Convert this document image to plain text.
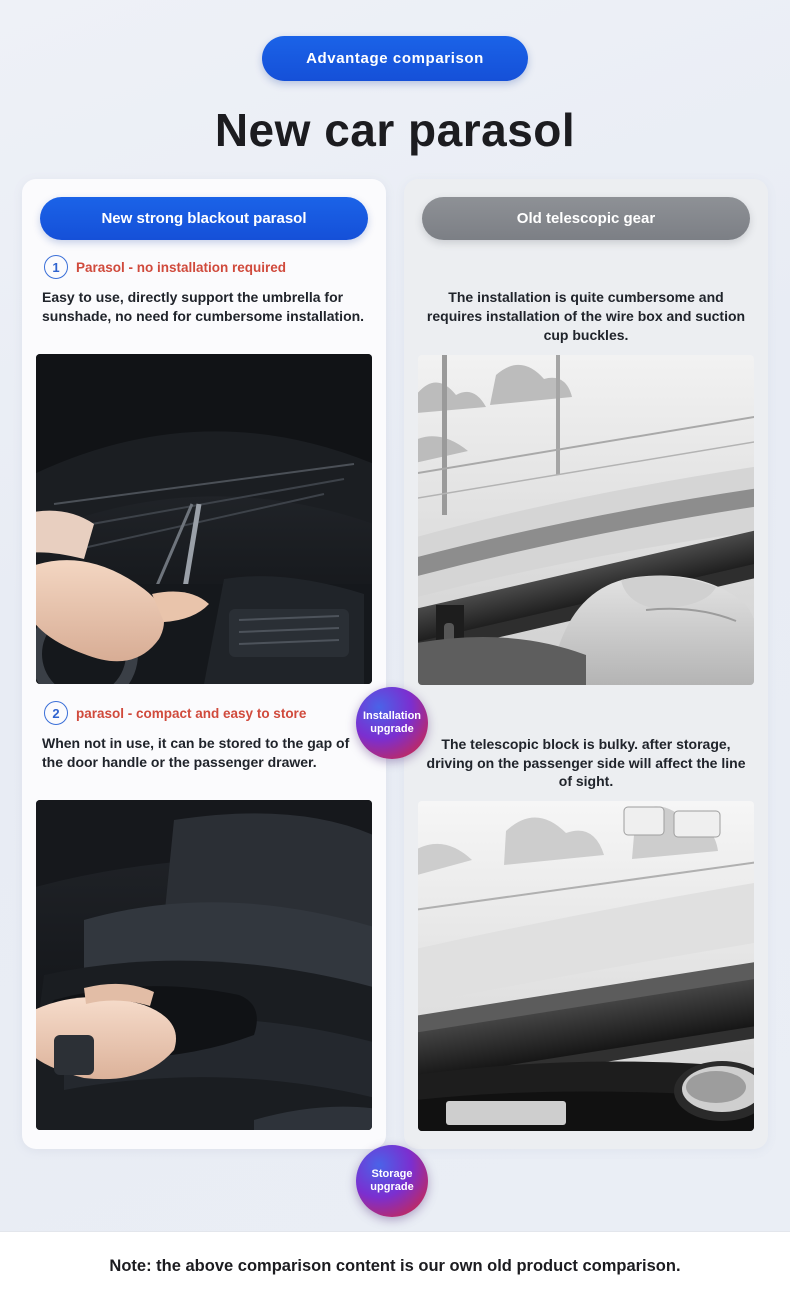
Advantage comparison
New car parasol
New strong blackout parasol
1	Parasol - no installation required
Easy to use, directly support the umbrella for sunshade, no need for cumbersome installation.
2	parasol - compact and easy to store
When not in use, it can be stored to the gap of the door handle or the passenger drawer.
Old telescopic gear
The installation is quite cumbersome and requires installation of the wire box and suction cup buckles.
The telescopic block is bulky. after storage, driving on the passenger side will affect the line of sight.
Installation
upgrade
Storage
upgrade
Note: the above comparison content is our own old product comparison.
